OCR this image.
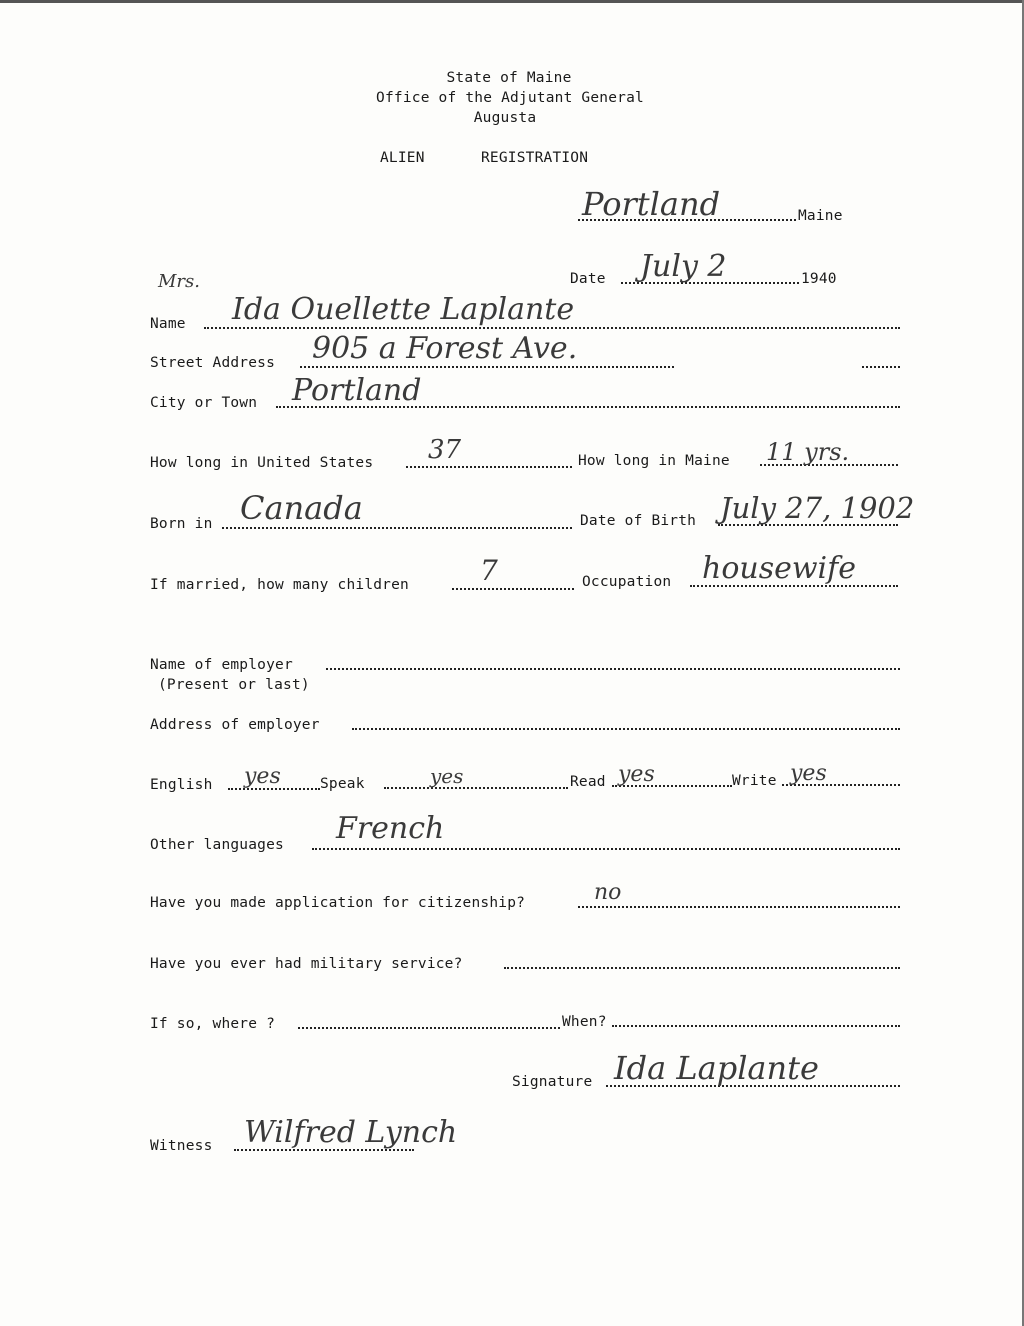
State of Maine
Office of the Adjutant General
Augusta
ALIEN	REGISTRATION
Portland	Maine
Mrs.	Date July 2	1940
Name Ida Ouellette Laplante
Street Address 905 a Forest Ave.
City or Town Portland
How long in United States 37	How long in Maine 11 yrs.
Born in Canada	Date of Birth July 27, 1902
If married, how many children	7	Occupation housewife
Name of employer
(Present or last)
Address of employer
English yes	Speak	yes	Read yes	Write yes
Other languages French
Have you made application for citizenship?	no
Have you ever had military service?
If so, where ?	When?
Signature Ida Laplante
Witness Wilfred Lynch
